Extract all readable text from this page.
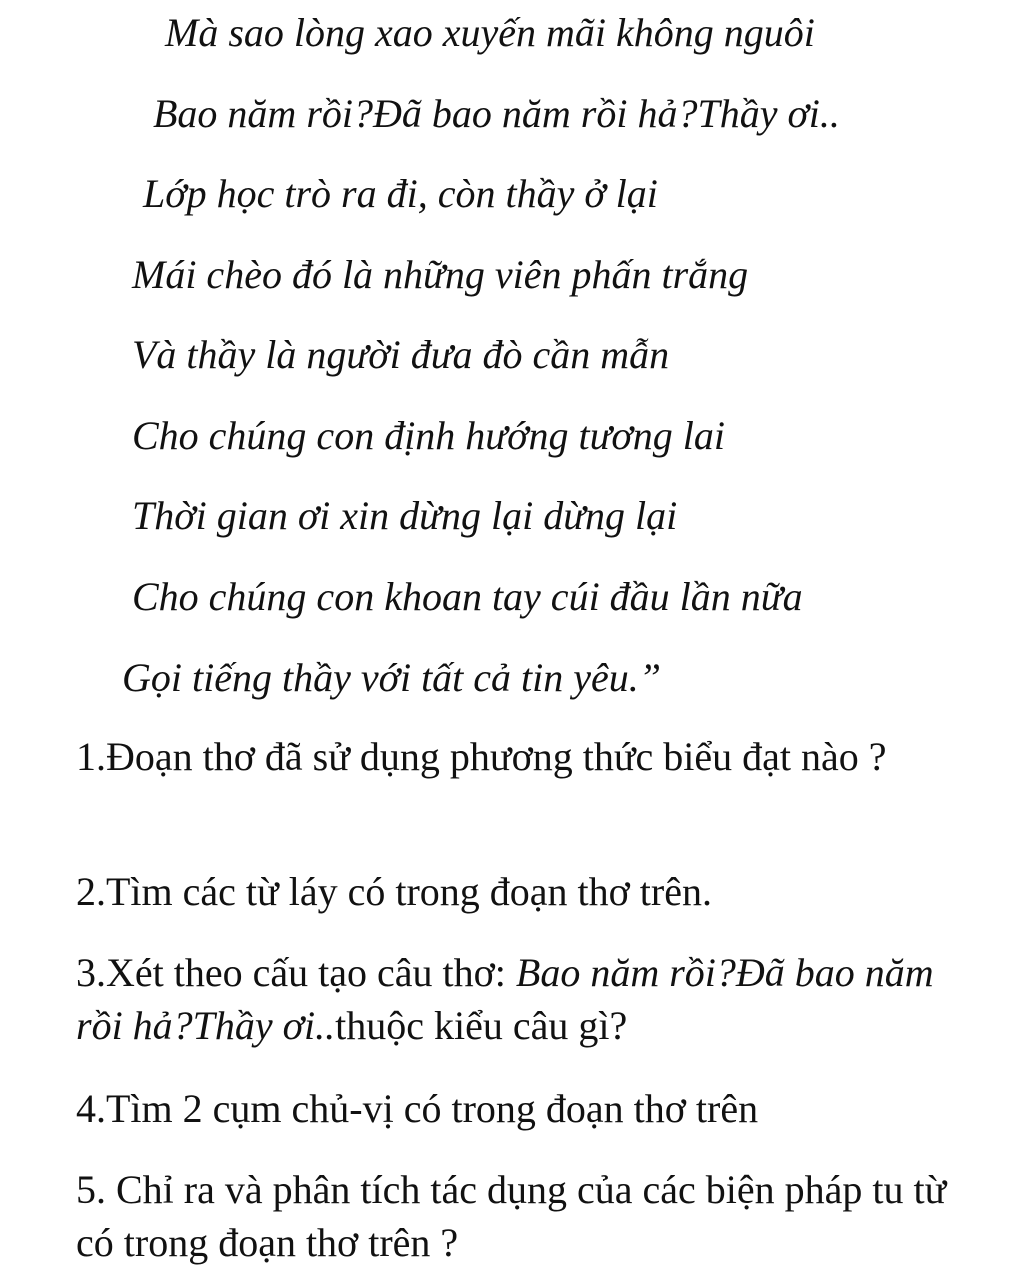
Mà sao lòng xao xuyến mãi không nguôi

Bao năm rồi?Đã bao năm rồi hả?Thầy ơi..

Lớp học trò ra đi, còn thầy ở lại

Mái chèo đó là những viên phấn trắng

Và thầy là người đưa đò cần mẫn

Cho chúng con định hướng tương lai

Thời gian ơi xin dừng lại dừng lại

Cho chúng con khoan tay cúi đầu lần nữa

Gọi tiếng thầy với tất cả tin yêu.”

1.Đoạn thơ đã sử dụng phương thức biểu đạt nào ?

2.Tìm các từ láy có trong đoạn thơ trên.

3.Xét theo cấu tạo câu thơ: Bao năm rồi?Đã bao năm rồi hả?Thầy ơi..thuộc kiểu câu gì?

4.Tìm 2 cụm chủ-vị có trong đoạn thơ trên

5. Chỉ ra và phân tích tác dụng của các biện pháp tu từ có trong đoạn thơ trên ?
